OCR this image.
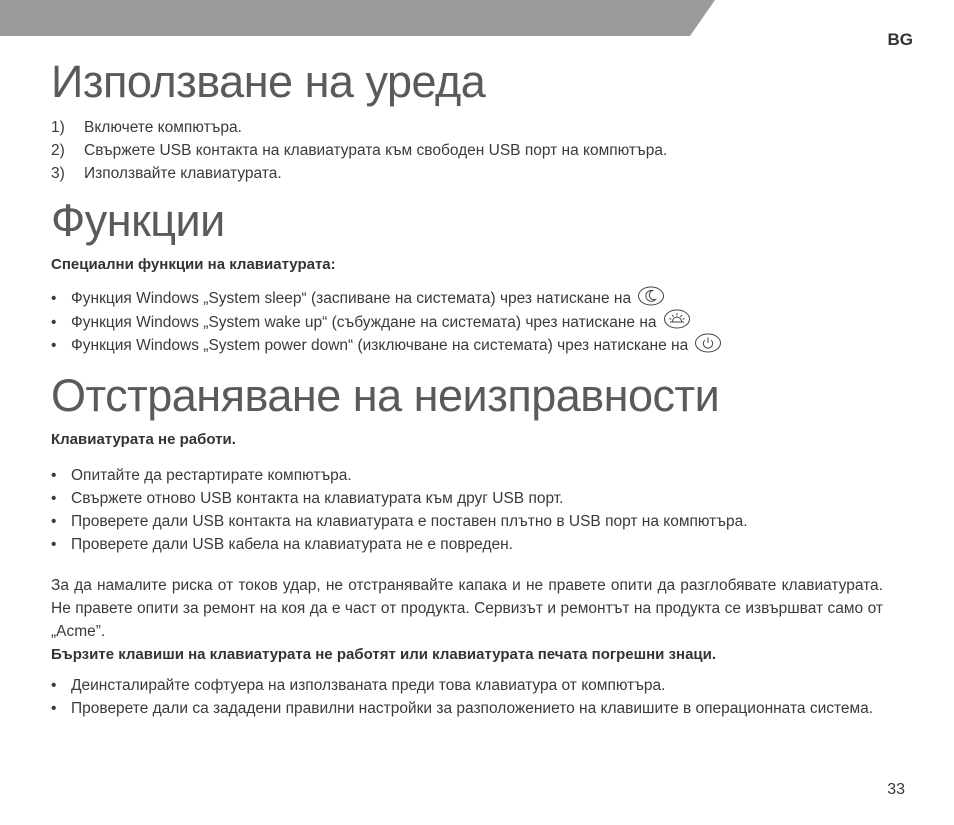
BG
Използване на уреда
1)	Включете компютъра.
2)	Свържете USB контакта на клавиатурата към свободен USB порт на компютъра.
3)	Използвайте клавиатурата.
Функции
Специални функции на клавиатурата:
• Функция Windows „System sleep“ (заспиване на системата) чрез натискане на
• Функция Windows „System wake up“ (събуждане на системата) чрез натискане на
• Функция Windows „System power down“ (изключване на системата) чрез натискане на
Отстраняване на неизправности
Клавиатурата не работи.
• Опитайте да рестартирате компютъра.
• Свържете отново USB контакта на клавиатурата към друг USB порт.
• Проверете дали USB контакта на клавиатурата е поставен плътно в USB порт на компютъра.
• Проверете дали USB кабела на клавиатурата не е повреден.

За да намалите риска от токов удар, не отстранявайте капака и не правете опити да разглобявате клавиатурата. Не правете опити за ремонт на коя да е част от продукта. Сервизът и ремонтът на продукта се извършват само от „Acme”.

Бързите клавиши на клавиатурата не работят или клавиатурата печата погрешни знаци.
• Деинсталирайте софтуера на използваната преди това клавиатура от компютъра.
• Проверете дали са зададени правилни настройки за разположението на клавишите в операционната система.
33
